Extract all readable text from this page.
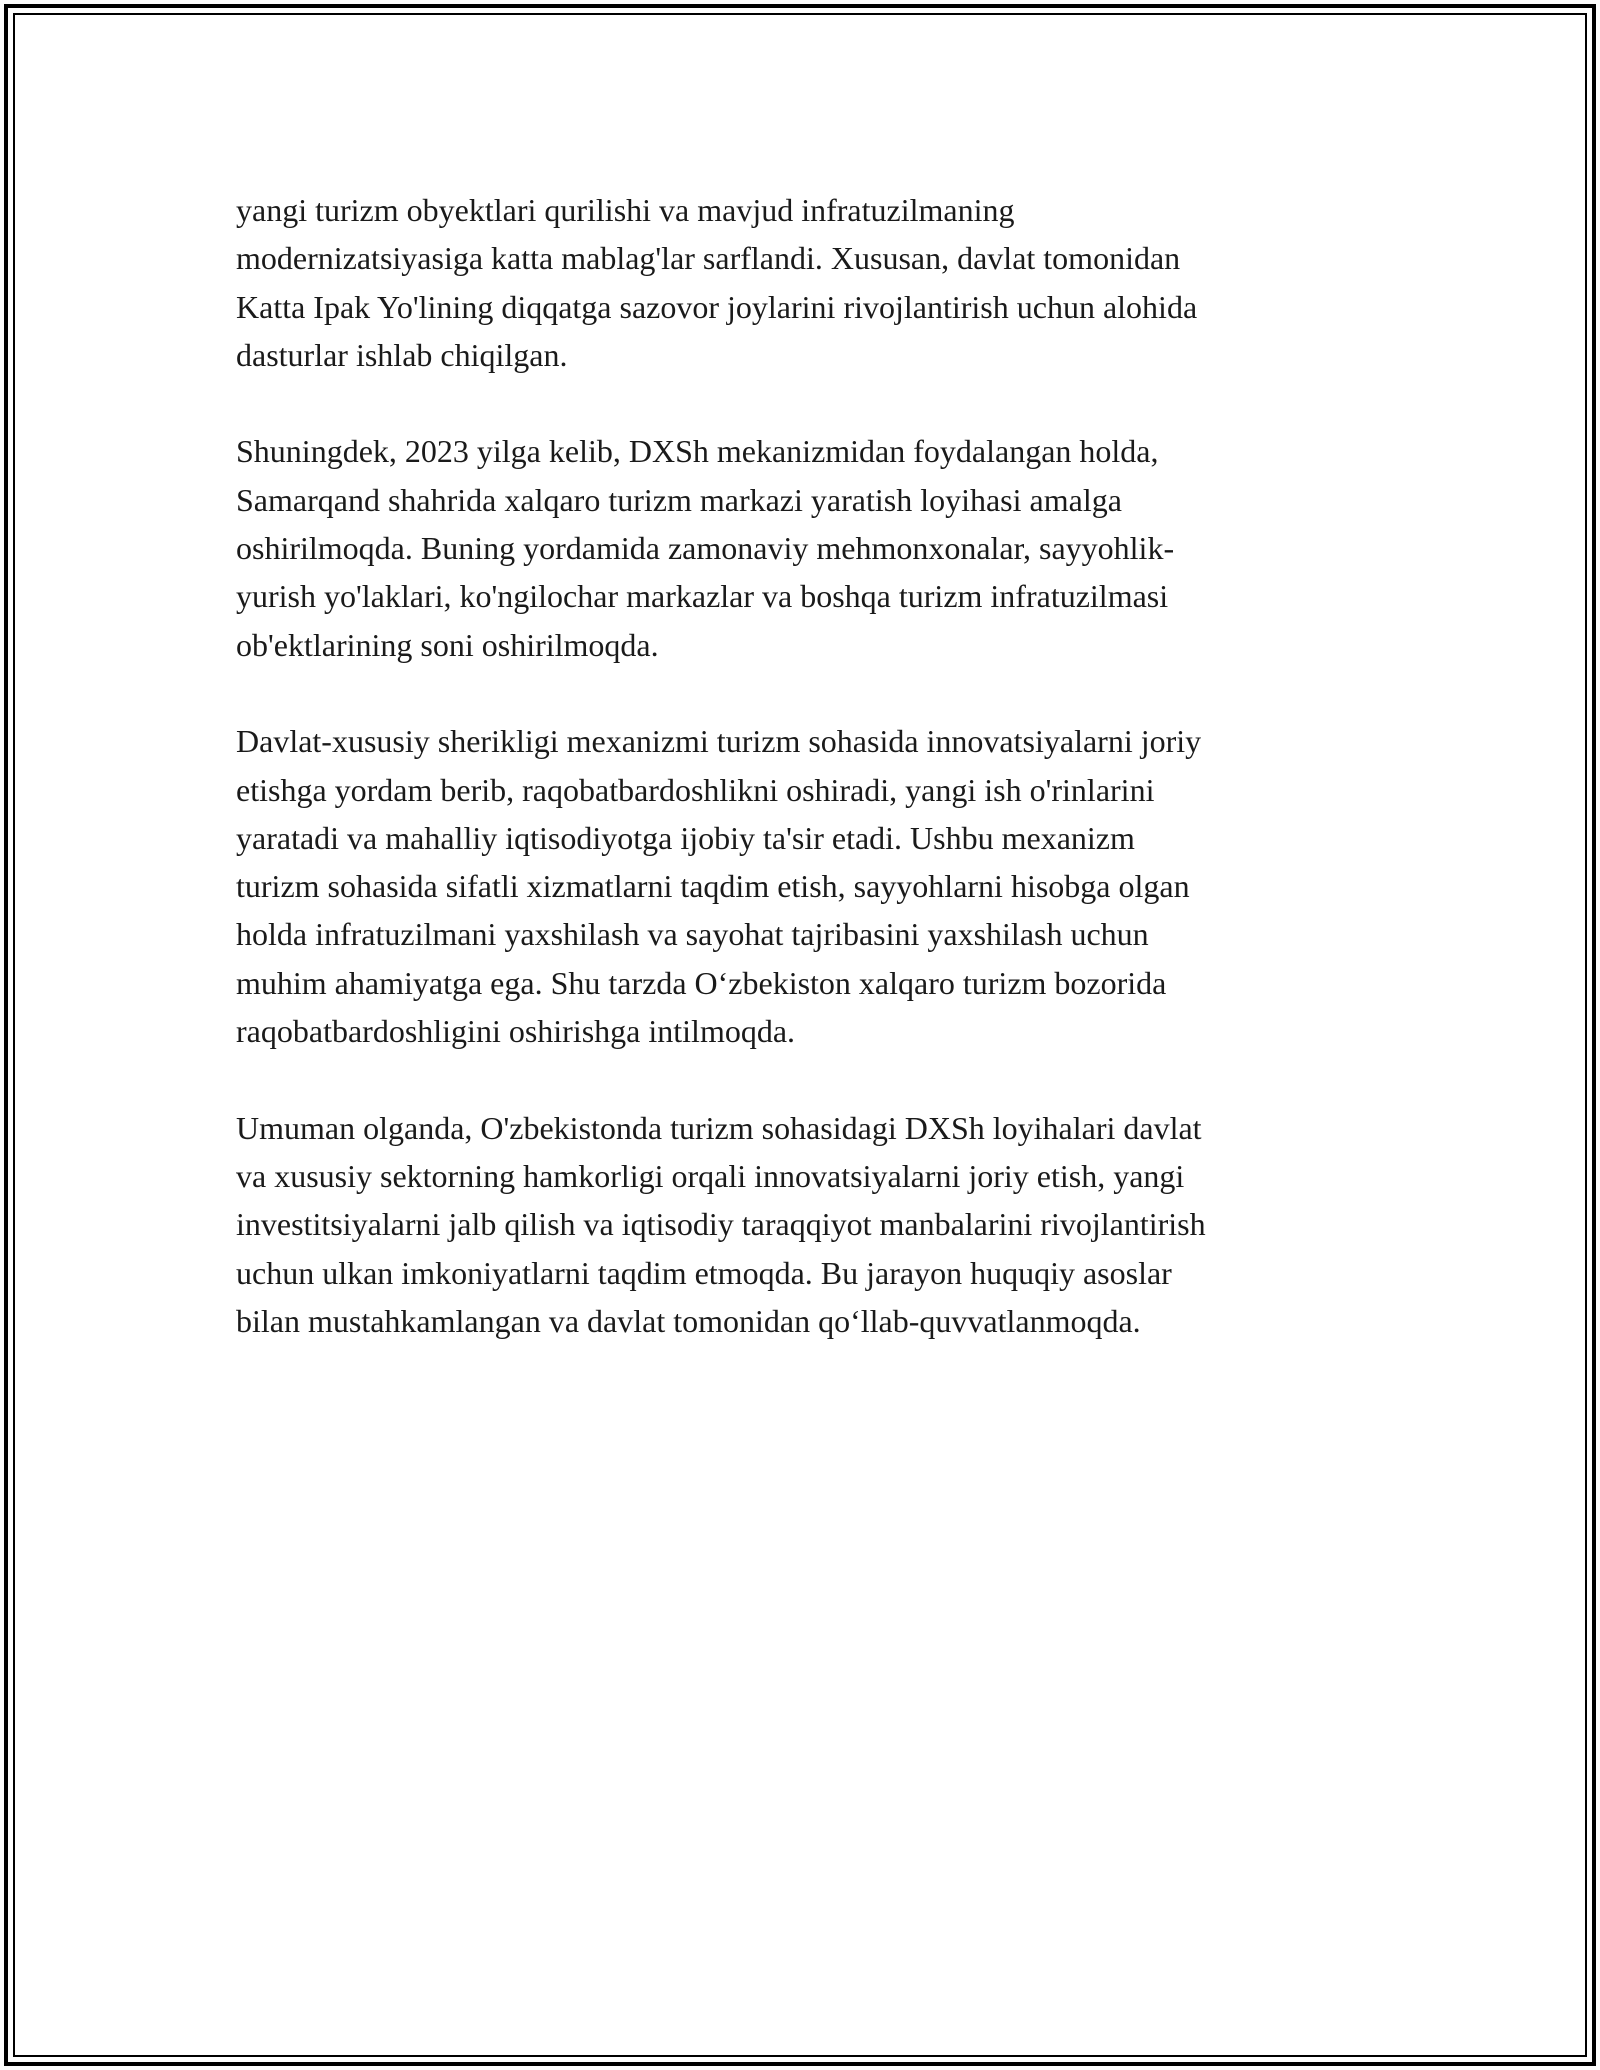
yangi turizm obyektlari qurilishi va mavjud infratuzilmaning
modernizatsiyasiga katta mablag'lar sarflandi. Xususan, davlat tomonidan
Katta Ipak Yo'lining diqqatga sazovor joylarini rivojlantirish uchun alohida
dasturlar ishlab chiqilgan.

Shuningdek, 2023 yilga kelib, DXSh mekanizmidan foydalangan holda,
Samarqand shahrida xalqaro turizm markazi yaratish loyihasi amalga
oshirilmoqda. Buning yordamida zamonaviy mehmonxonalar, sayyohlik-
yurish yo'laklari, ko'ngilochar markazlar va boshqa turizm infratuzilmasi
ob'ektlarining soni oshirilmoqda.

Davlat-xususiy sherikligi mexanizmi turizm sohasida innovatsiyalarni joriy
etishga yordam berib, raqobatbardoshlikni oshiradi, yangi ish o'rinlarini
yaratadi va mahalliy iqtisodiyotga ijobiy ta'sir etadi. Ushbu mexanizm
turizm sohasida sifatli xizmatlarni taqdim etish, sayyohlarni hisobga olgan
holda infratuzilmani yaxshilash va sayohat tajribasini yaxshilash uchun
muhim ahamiyatga ega. Shu tarzda O‘zbekiston xalqaro turizm bozorida
raqobatbardoshligini oshirishga intilmoqda.

Umuman olganda, O'zbekistonda turizm sohasidagi DXSh loyihalari davlat
va xususiy sektorning hamkorligi orqali innovatsiyalarni joriy etish, yangi
investitsiyalarni jalb qilish va iqtisodiy taraqqiyot manbalarini rivojlantirish
uchun ulkan imkoniyatlarni taqdim etmoqda. Bu jarayon huquqiy asoslar
bilan mustahkamlangan va davlat tomonidan qo‘llab-quvvatlanmoqda.
